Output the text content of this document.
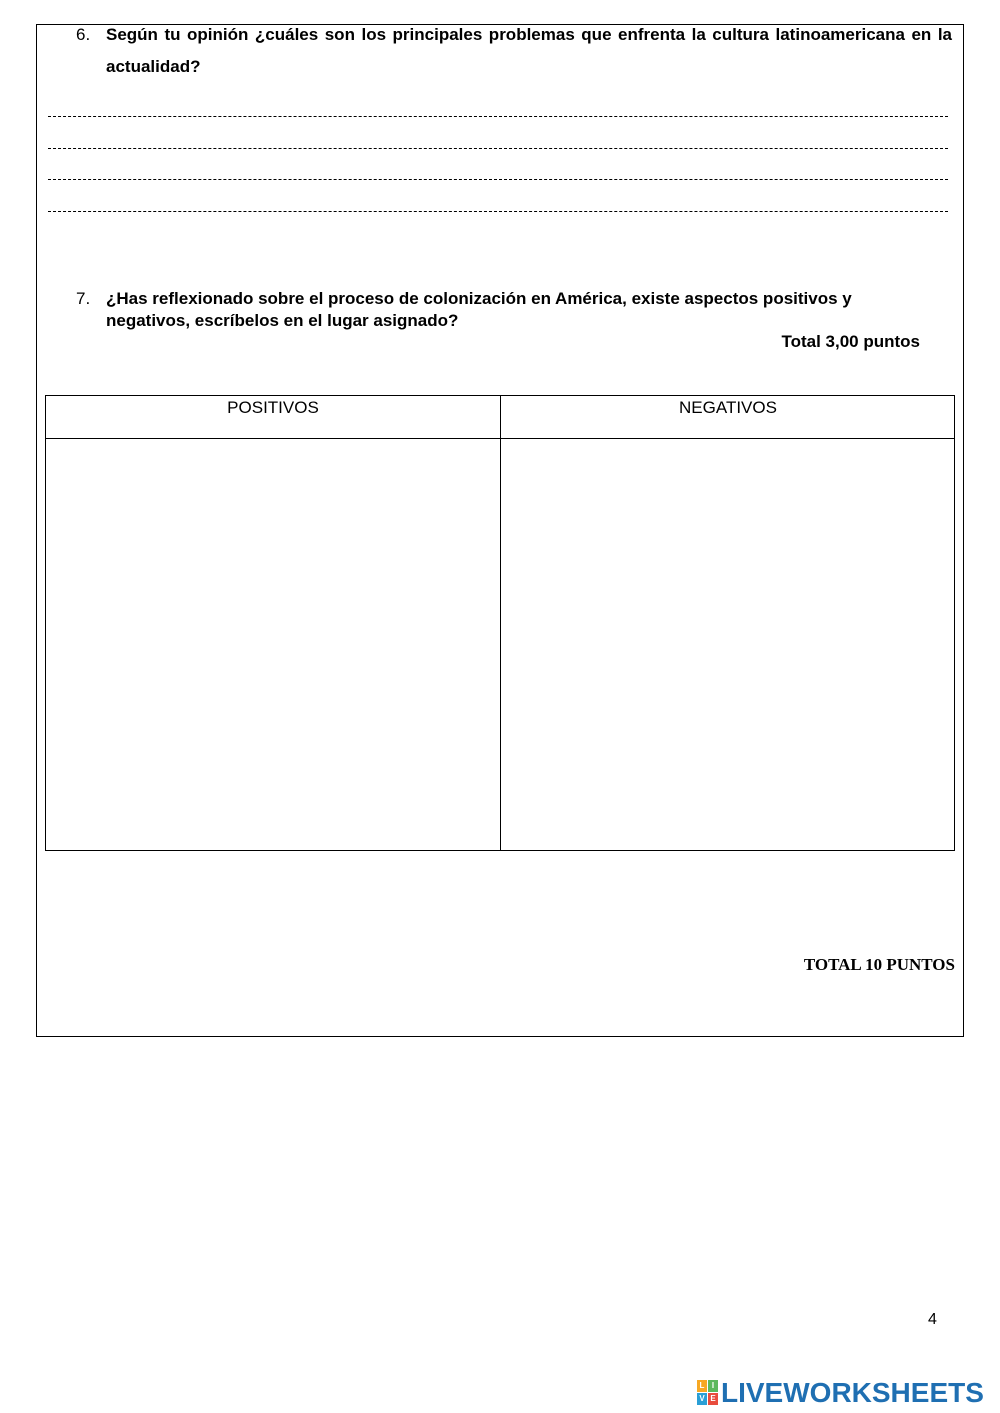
6. Según tu opinión ¿cuáles son los principales problemas que enfrenta la cultura latinoamericana en la actualidad?
7. ¿Has reflexionado sobre el proceso de colonización en América, existe aspectos positivos y negativos, escríbelos en el lugar asignado?
Total 3,00 puntos
POSITIVOS	NEGATIVOS
TOTAL 10 PUNTOS
4
L I
V E LIVEWORKSHEETS
